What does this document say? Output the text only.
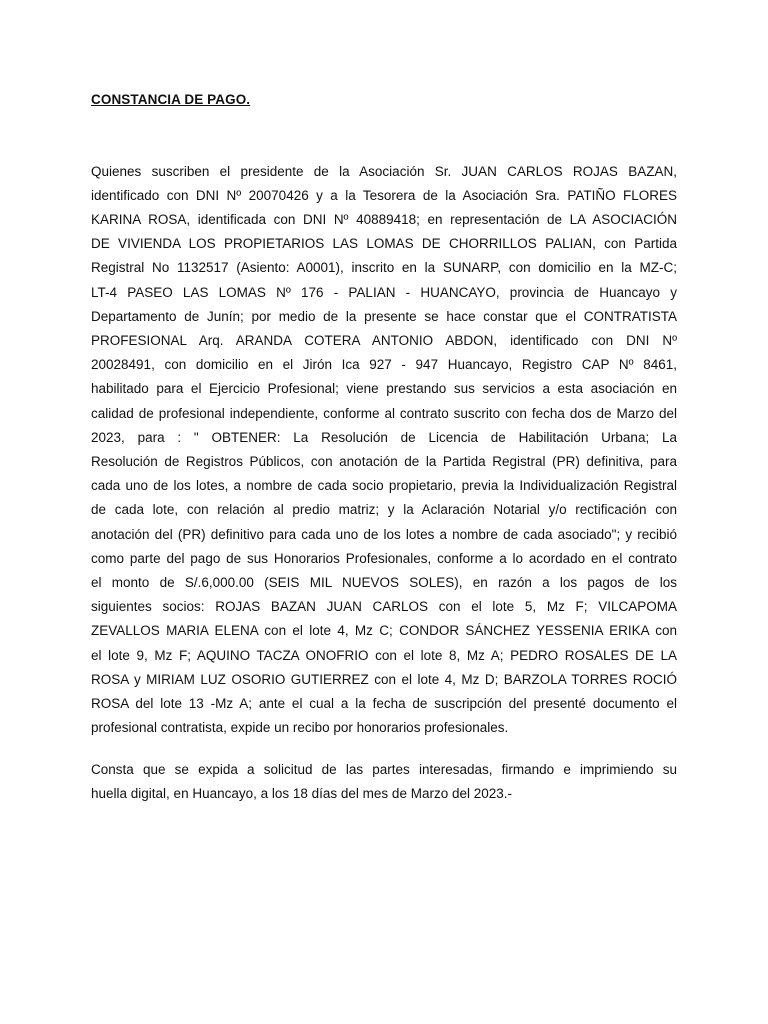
CONSTANCIA DE PAGO.
Quienes suscriben el presidente de la Asociación Sr. JUAN CARLOS ROJAS BAZAN,
identificado con DNI Nº 20070426 y a la Tesorera de la Asociación Sra. PATIÑO FLORES
KARINA ROSA, identificada con DNI Nº 40889418; en representación de LA ASOCIACIÓN
DE VIVIENDA LOS PROPIETARIOS LAS LOMAS DE CHORRILLOS PALIAN, con Partida
Registral No 1132517 (Asiento: A0001), inscrito en la SUNARP, con domicilio en la MZ-C;
LT-4 PASEO LAS LOMAS Nº 176 - PALIAN - HUANCAYO, provincia de Huancayo y
Departamento de Junín; por medio de la presente se hace constar que el CONTRATISTA
PROFESIONAL Arq. ARANDA COTERA ANTONIO ABDON, identificado con DNI Nº
20028491, con domicilio en el Jirón Ica 927 - 947 Huancayo, Registro CAP Nº 8461,
habilitado para el Ejercicio Profesional; viene prestando sus servicios a esta asociación en
calidad de profesional independiente, conforme al contrato suscrito con fecha dos de Marzo del
2023, para : " OBTENER: La Resolución de Licencia de Habilitación Urbana; La
Resolución de Registros Públicos, con anotación de la Partida Registral (PR) definitiva, para
cada uno de los lotes, a nombre de cada socio propietario, previa la Individualización Registral
de cada lote, con relación al predio matriz; y la Aclaración Notarial y/o rectificación con
anotación del (PR) definitivo para cada uno de los lotes a nombre de cada asociado"; y recibió
como parte del pago de sus Honorarios Profesionales, conforme a lo acordado en el contrato
el monto de S/.6,000.00 (SEIS MIL NUEVOS SOLES), en razón a los pagos de los
siguientes socios: ROJAS BAZAN JUAN CARLOS con el lote 5, Mz F; VILCAPOMA
ZEVALLOS MARIA ELENA con el lote 4, Mz C; CONDOR SÁNCHEZ YESSENIA ERIKA con
el lote 9, Mz F; AQUINO TACZA ONOFRIO con el lote 8, Mz A; PEDRO ROSALES DE LA
ROSA y MIRIAM LUZ OSORIO GUTIERREZ con el lote 4, Mz D; BARZOLA TORRES ROCIÓ
ROSA del lote 13 -Mz A; ante el cual a la fecha de suscripción del presenté documento el
profesional contratista, expide un recibo por honorarios profesionales.
Consta que se expida a solicitud de las partes interesadas, firmando e imprimiendo su
huella digital, en Huancayo, a los 18 días del mes de Marzo del 2023.-
